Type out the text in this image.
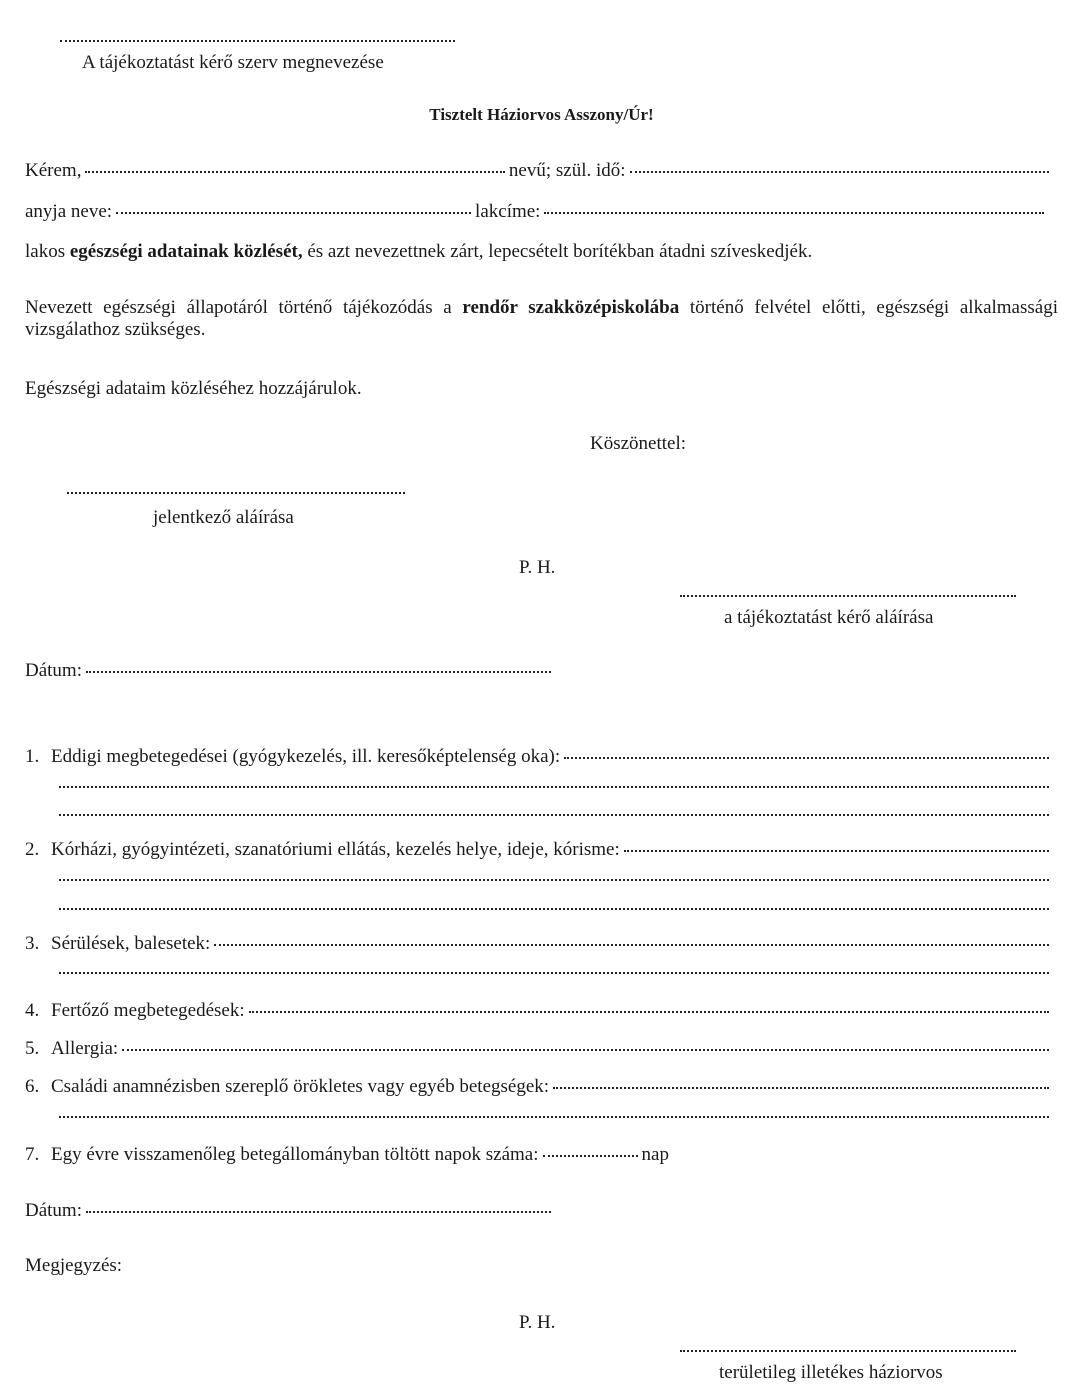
A tájékoztatást kérő szerv megnevezése
Tisztelt Háziorvos Asszony/Úr!
Kérem,	nevű; szül. idő:
anyja neve:	lakcíme:
lakos egészségi adatainak közlését, és azt nevezettnek zárt, lepecsételt borítékban átadni szíveskedjék.
Nevezett egészségi állapotáról történő tájékozódás a rendőr szakközépiskolába történő felvétel előtti, egészségi alkalmassági vizsgálathoz szükséges.
Egészségi adataim közléséhez hozzájárulok.
Köszönettel:
jelentkező aláírása
P. H.
a tájékoztatást kérő aláírása
Dátum:
1. Eddigi megbetegedései (gyógykezelés, ill. keresőképtelenség oka):
2. Kórházi, gyógyintézeti, szanatóriumi ellátás, kezelés helye, ideje, kórisme:
3. Sérülések, balesetek:
4. Fertőző megbetegedések:
5. Allergia:
6. Családi anamnézisben szereplő örökletes vagy egyéb betegségek:
7. Egy évre visszamenőleg betegállományban töltött napok száma:	nap
Dátum:
Megjegyzés:
P. H.
területileg illetékes háziorvos
